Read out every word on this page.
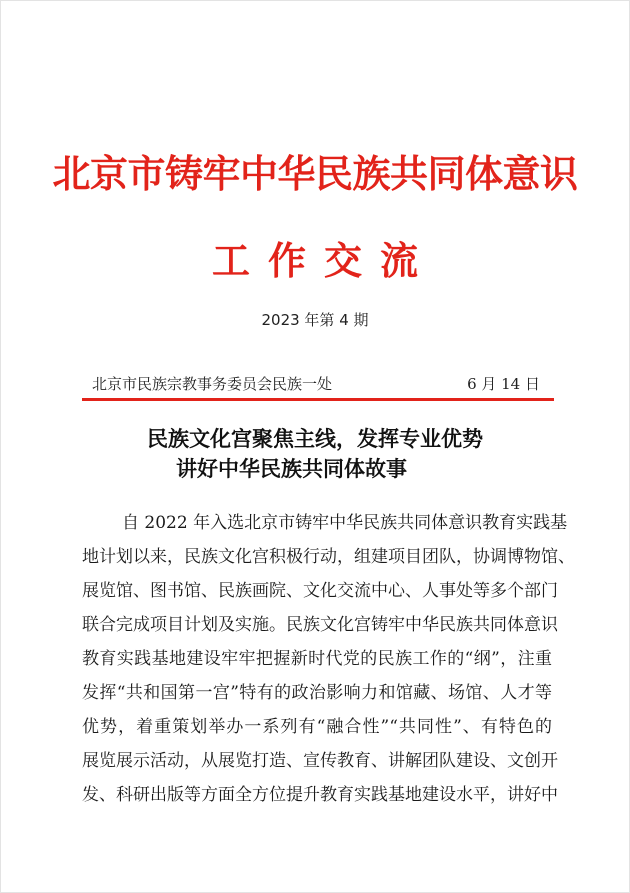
北京市铸牢中华民族共同体意识
工作交流
2023 年第 4 期
北京市民族宗教事务委员会民族一处	6 月 14 日
民族文化宫聚焦主线，发挥专业优势
讲好中华民族共同体故事
自 2022 年入选北京市铸牢中华民族共同体意识教育实践基
地计划以来，民族文化宫积极行动，组建项目团队，协调博物馆、
展览馆、图书馆、民族画院、文化交流中心、人事处等多个部门
联合完成项目计划及实施。民族文化宫铸牢中华民族共同体意识
教育实践基地建设牢牢把握新时代党的民族工作的“纲”，注重
发挥“共和国第一宫”特有的政治影响力和馆藏、场馆、人才等
优势，着重策划举办一系列有“融合性”“共同性”、有特色的
展览展示活动，从展览打造、宣传教育、讲解团队建设、文创开
发、科研出版等方面全方位提升教育实践基地建设水平，讲好中
